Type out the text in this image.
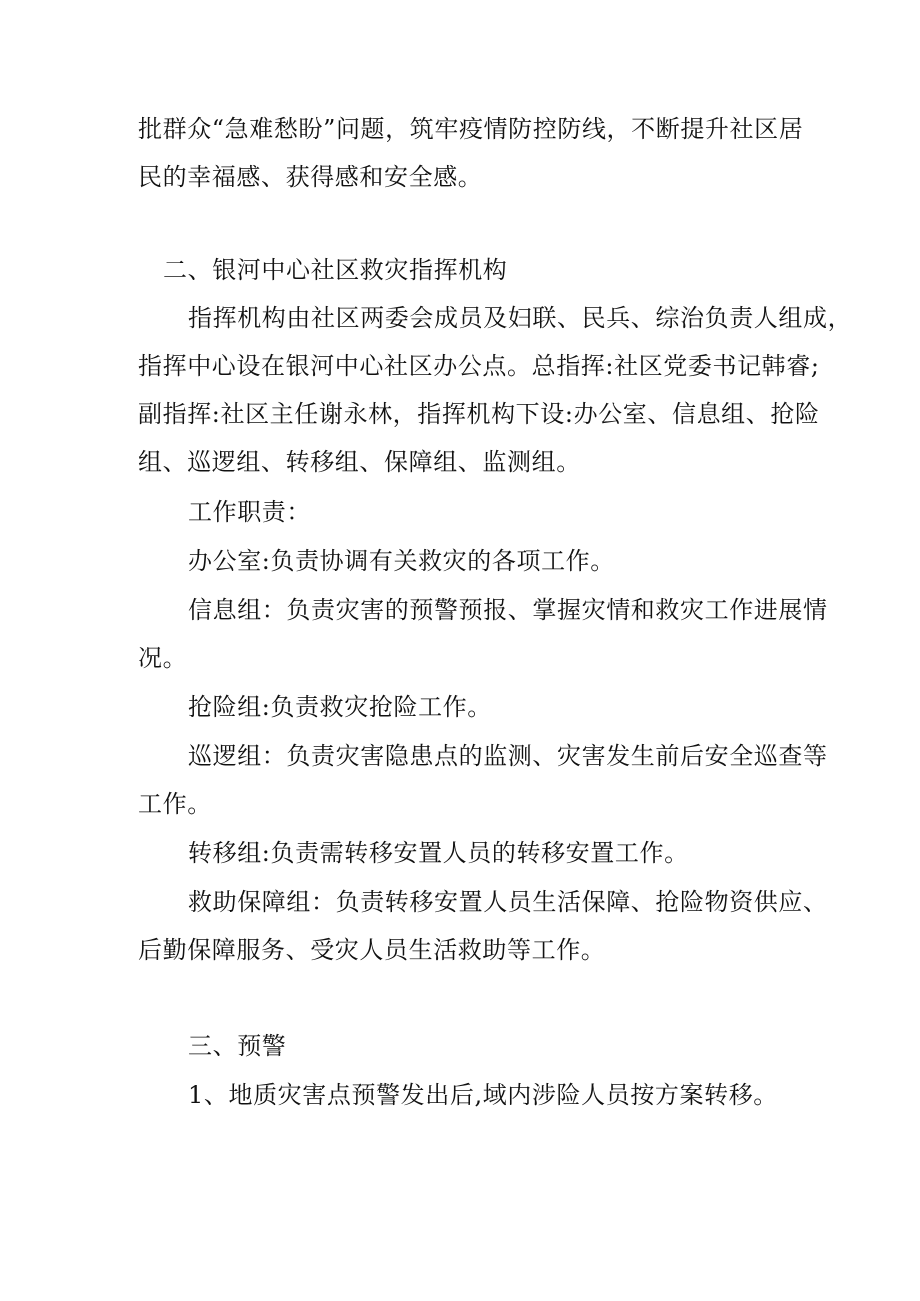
批群众“急难愁盼”问题，筑牢疫情防控防线，不断提升社区居
民的幸福感、获得感和安全感。
二、银河中心社区救灾指挥机构
指挥机构由社区两委会成员及妇联、民兵、综治负责人组成，
指挥中心设在银河中心社区办公点。总指挥:社区党委书记韩睿;
副指挥:社区主任谢永林，指挥机构下设:办公室、信息组、抢险
组、巡逻组、转移组、保障组、监测组。
工作职责：
办公室:负责协调有关救灾的各项工作。
信息组：负责灾害的预警预报、掌握灾情和救灾工作进展情
况。
抢险组:负责救灾抢险工作。
巡逻组：负责灾害隐患点的监测、灾害发生前后安全巡查等
工作。
转移组:负责需转移安置人员的转移安置工作。
救助保障组：负责转移安置人员生活保障、抢险物资供应、
后勤保障服务、受灾人员生活救助等工作。
三、预警
1、地质灾害点预警发出后,域内涉险人员按方案转移。
